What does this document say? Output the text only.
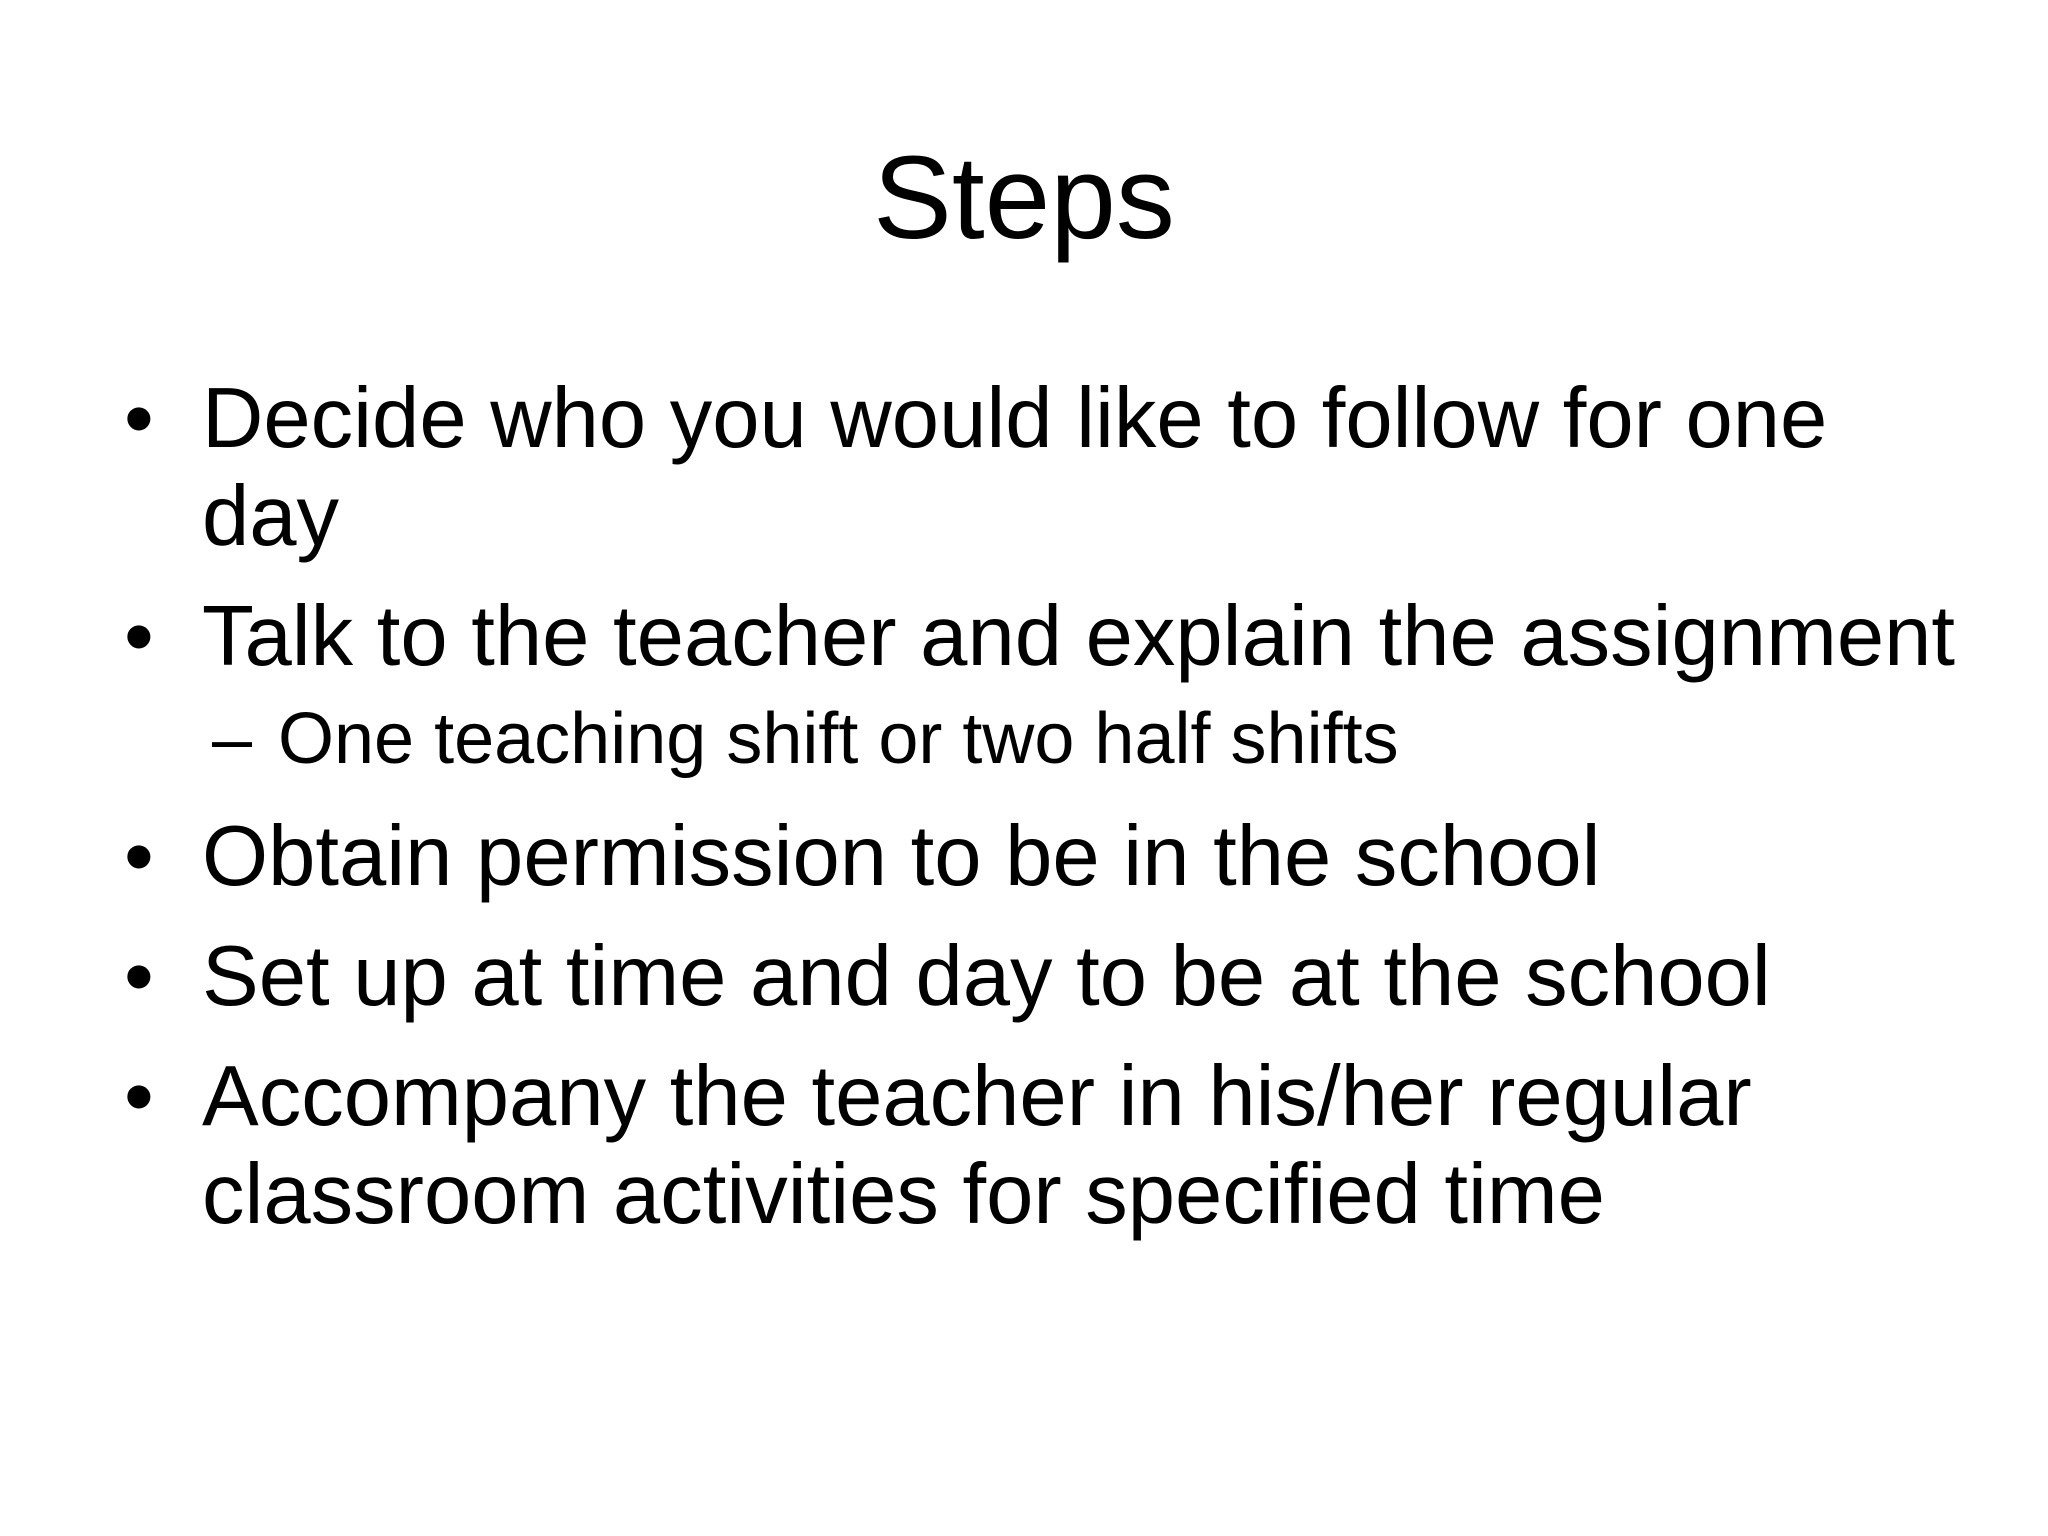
Steps
• Decide who you would like to follow for one day
• Talk to the teacher and explain the assignment
– One teaching shift or two half shifts
• Obtain permission to be in the school
• Set up at time and day to be at the school
• Accompany the teacher in his/her regular classroom activities for specified time
